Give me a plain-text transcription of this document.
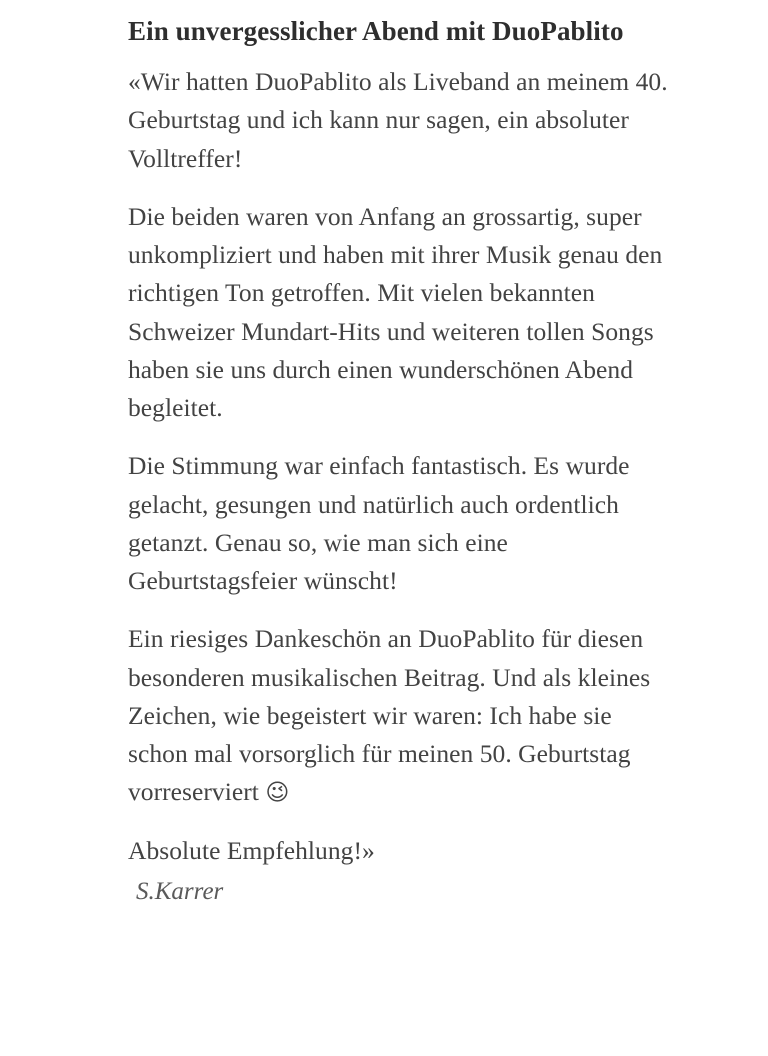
Ein unvergesslicher Abend mit DuoPablito

«Wir hatten DuoPablito als Liveband an meinem 40. Geburtstag und ich kann nur sagen, ein absoluter Volltreffer!

Die beiden waren von Anfang an grossartig, super unkompliziert und haben mit ihrer Musik genau den richtigen Ton getroffen. Mit vielen bekannten Schweizer Mundart-Hits und weiteren tollen Songs haben sie uns durch einen wunderschönen Abend begleitet.

Die Stimmung war einfach fantastisch. Es wurde gelacht, gesungen und natürlich auch ordentlich getanzt. Genau so, wie man sich eine Geburtstagsfeier wünscht!

Ein riesiges Dankeschön an DuoPablito für diesen besonderen musikalischen Beitrag. Und als kleines Zeichen, wie begeistert wir waren: Ich habe sie schon mal vorsorglich für meinen 50. Geburtstag vorreserviert 😉

Absolute Empfehlung!»

S.Karrer
